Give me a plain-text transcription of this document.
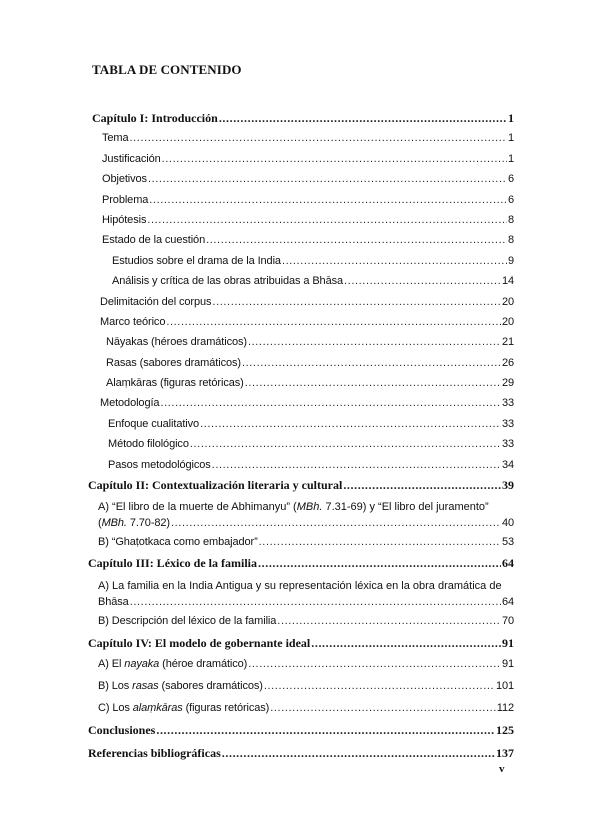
TABLA DE CONTENIDO
Capítulo I: Introducción .....	1
Tema .....	1
Justificación .....	1
Objetivos .....	6
Problema .....	6
Hipótesis .....	8
Estado de la cuestión .....	8
Estudios sobre el drama de la India .....	9
Análisis y crítica de las obras atribuidas a Bhāsa .....	14
Delimitación del corpus .....	20
Marco teórico .....	20
Nāyakas (héroes dramáticos) .....	21
Rasas (sabores dramáticos) .....	26
Alaṃkāras (figuras retóricas) .....	29
Metodología .....	33
Enfoque cualitativo .....	33
Método filológico .....	33
Pasos metodológicos .....	34
Capítulo II: Contextualización literaria y cultural .....	39
A) “El libro de la muerte de Abhimanyu” (MBh. 7.31-69) y “El libro del juramento”
(MBh. 7.70-82) .....	40
B) “Ghaṭotkaca como embajador” .....	53
Capítulo III: Léxico de la familia .....	64
A) La familia en la India Antigua y su representación léxica en la obra dramática de
Bhāsa .....	64
B) Descripción del léxico de la familia .....	70
Capítulo IV: El modelo de gobernante ideal .....	91
A) El nayaka (héroe dramático) .....	91
B) Los rasas (sabores dramáticos) .....	101
C) Los alaṃkāras (figuras retóricas) .....	112
Conclusiones .....	125
Referencias bibliográficas .....	137
v
